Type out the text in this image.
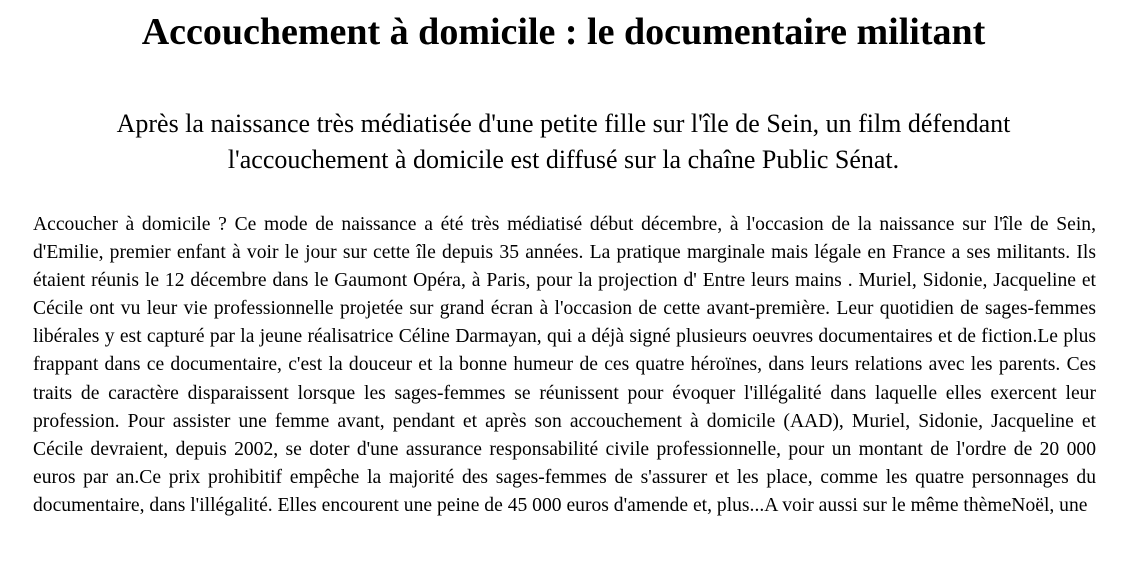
Accouchement à domicile : le documentaire militant

Après la naissance très médiatisée d'une petite fille sur l'île de Sein, un film défendant l'accouchement à domicile est diffusé sur la chaîne Public Sénat.

Accoucher à domicile ? Ce mode de naissance a été très médiatisé début décembre, à l'occasion de la naissance sur l'île de Sein, d'Emilie, premier enfant à voir le jour sur cette île depuis 35 années. La pratique marginale mais légale en France a ses militants. Ils étaient réunis le 12 décembre dans le Gaumont Opéra, à Paris, pour la projection d' Entre leurs mains . Muriel, Sidonie, Jacqueline et Cécile ont vu leur vie professionnelle projetée sur grand écran à l'occasion de cette avant-première. Leur quotidien de sages-femmes libérales y est capturé par la jeune réalisatrice Céline Darmayan, qui a déjà signé plusieurs oeuvres documentaires et de fiction.Le plus frappant dans ce documentaire, c'est la douceur et la bonne humeur de ces quatre héroïnes, dans leurs relations avec les parents. Ces traits de caractère disparaissent lorsque les sages-femmes se réunissent pour évoquer l'illégalité dans laquelle elles exercent leur profession. Pour assister une femme avant, pendant et après son accouchement à domicile (AAD), Muriel, Sidonie, Jacqueline et Cécile devraient, depuis 2002, se doter d'une assurance responsabilité civile professionnelle, pour un montant de l'ordre de 20 000 euros par an.Ce prix prohibitif empêche la majorité des sages-femmes de s'assurer et les place, comme les quatre personnages du documentaire, dans l'illégalité. Elles encourent une peine de 45 000 euros d'amende et, plus...A voir aussi sur le même thèmeNoël, une
